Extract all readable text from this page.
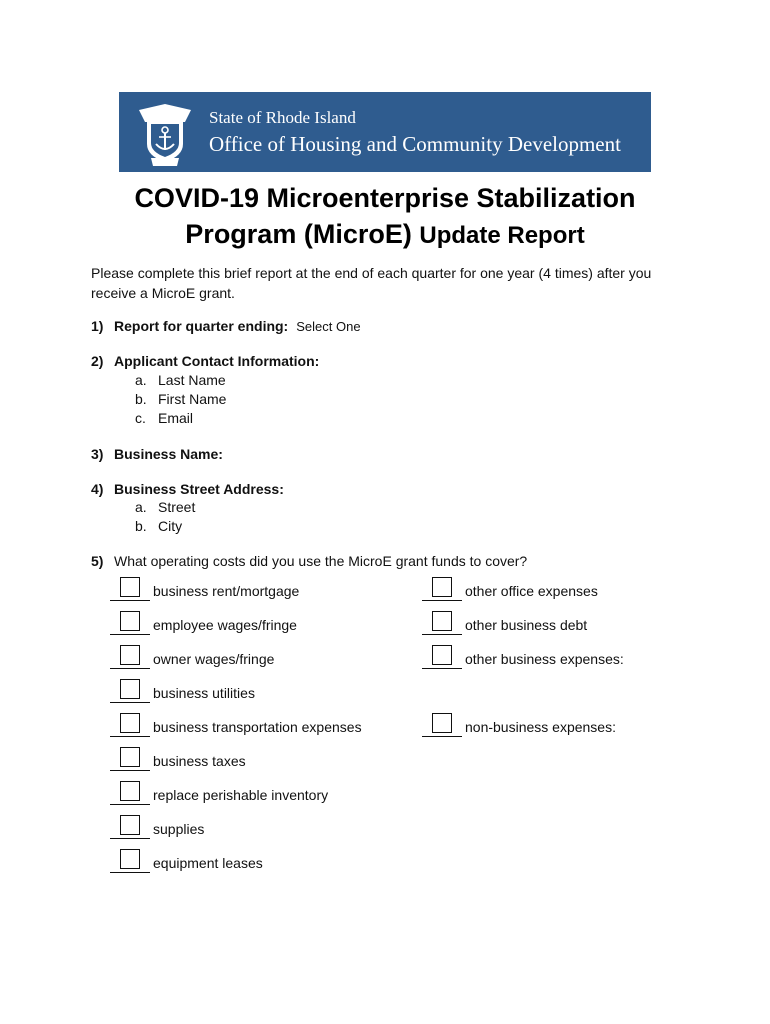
State of Rhode Island
Office of Housing and Community Development
COVID-19 Microenterprise Stabilization
Program (MicroE) Update Report
Please complete this brief report at the end of each quarter for one year (4 times) after you receive a MicroE grant.
1) Report for quarter ending: Select One
2) Applicant Contact Information:
a. Last Name
b. First Name
c. Email
3) Business Name:
4) Business Street Address:
a. Street
b. City
5) What operating costs did you use the MicroE grant funds to cover?
business rent/mortgage
employee wages/fringe
owner wages/fringe
business utilities
business transportation expenses
business taxes
replace perishable inventory
supplies
equipment leases
other office expenses
other business debt
other business expenses:
non-business expenses:
